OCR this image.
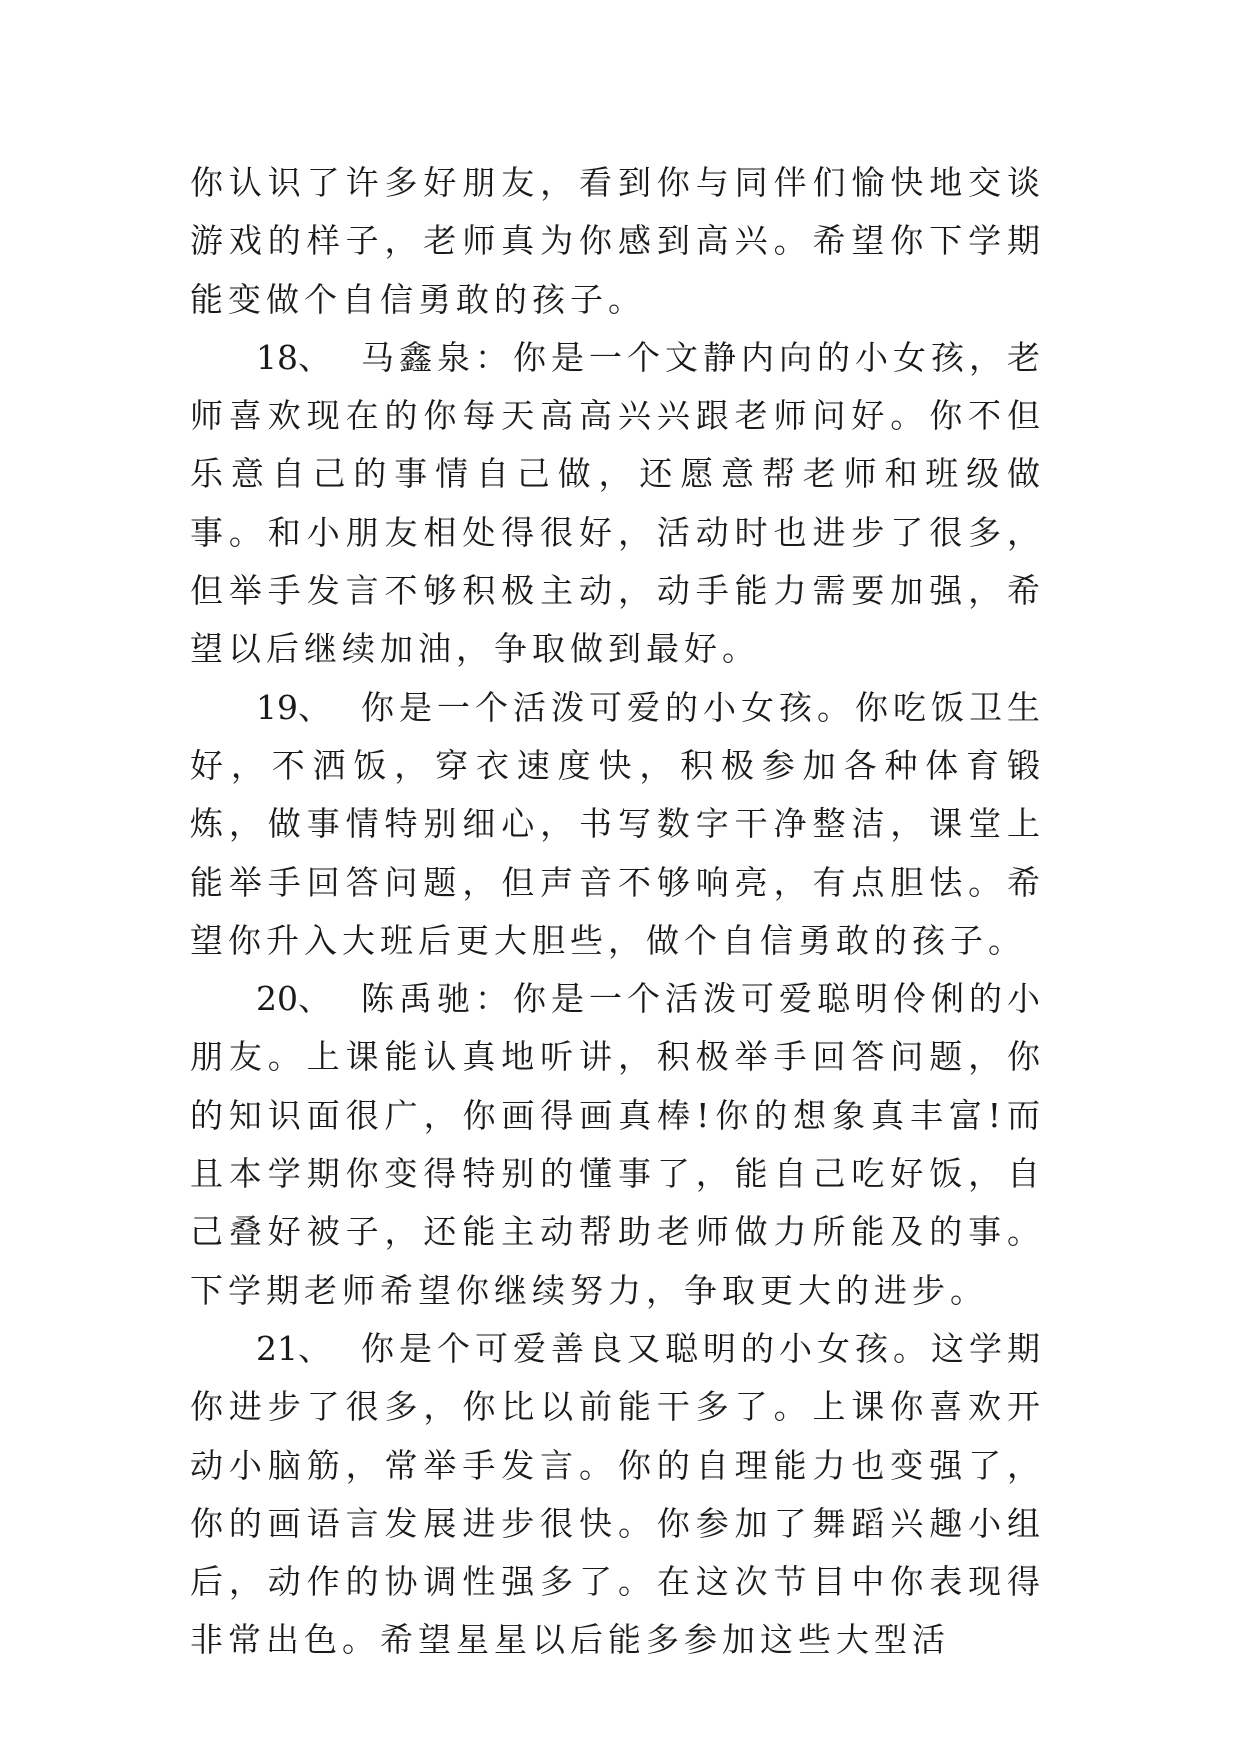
你认识了许多好朋友，看到你与同伴们愉快地交谈游戏的样子，老师真为你感到高兴。希望你下学期能变做个自信勇敢的孩子。

18、 马鑫泉：你是一个文静内向的小女孩，老师喜欢现在的你每天高高兴兴跟老师问好。你不但乐意自己的事情自己做，还愿意帮老师和班级做事。和小朋友相处得很好，活动时也进步了很多，但举手发言不够积极主动，动手能力需要加强，希望以后继续加油，争取做到最好。

19、 你是一个活泼可爱的小女孩。你吃饭卫生好，不洒饭，穿衣速度快，积极参加各种体育锻炼，做事情特别细心，书写数字干净整洁，课堂上能举手回答问题，但声音不够响亮，有点胆怯。希望你升入大班后更大胆些，做个自信勇敢的孩子。

20、 陈禹驰：你是一个活泼可爱聪明伶俐的小朋友。上课能认真地听讲，积极举手回答问题，你的知识面很广，你画得画真棒!你的想象真丰富!而且本学期你变得特别的懂事了，能自己吃好饭，自己叠好被子，还能主动帮助老师做力所能及的事。下学期老师希望你继续努力，争取更大的进步。

21、 你是个可爱善良又聪明的小女孩。这学期你进步了很多，你比以前能干多了。上课你喜欢开动小脑筋，常举手发言。你的自理能力也变强了，你的画语言发展进步很快。你参加了舞蹈兴趣小组后，动作的协调性强多了。在这次节目中你表现得非常出色。希望星星以后能多参加这些大型活
